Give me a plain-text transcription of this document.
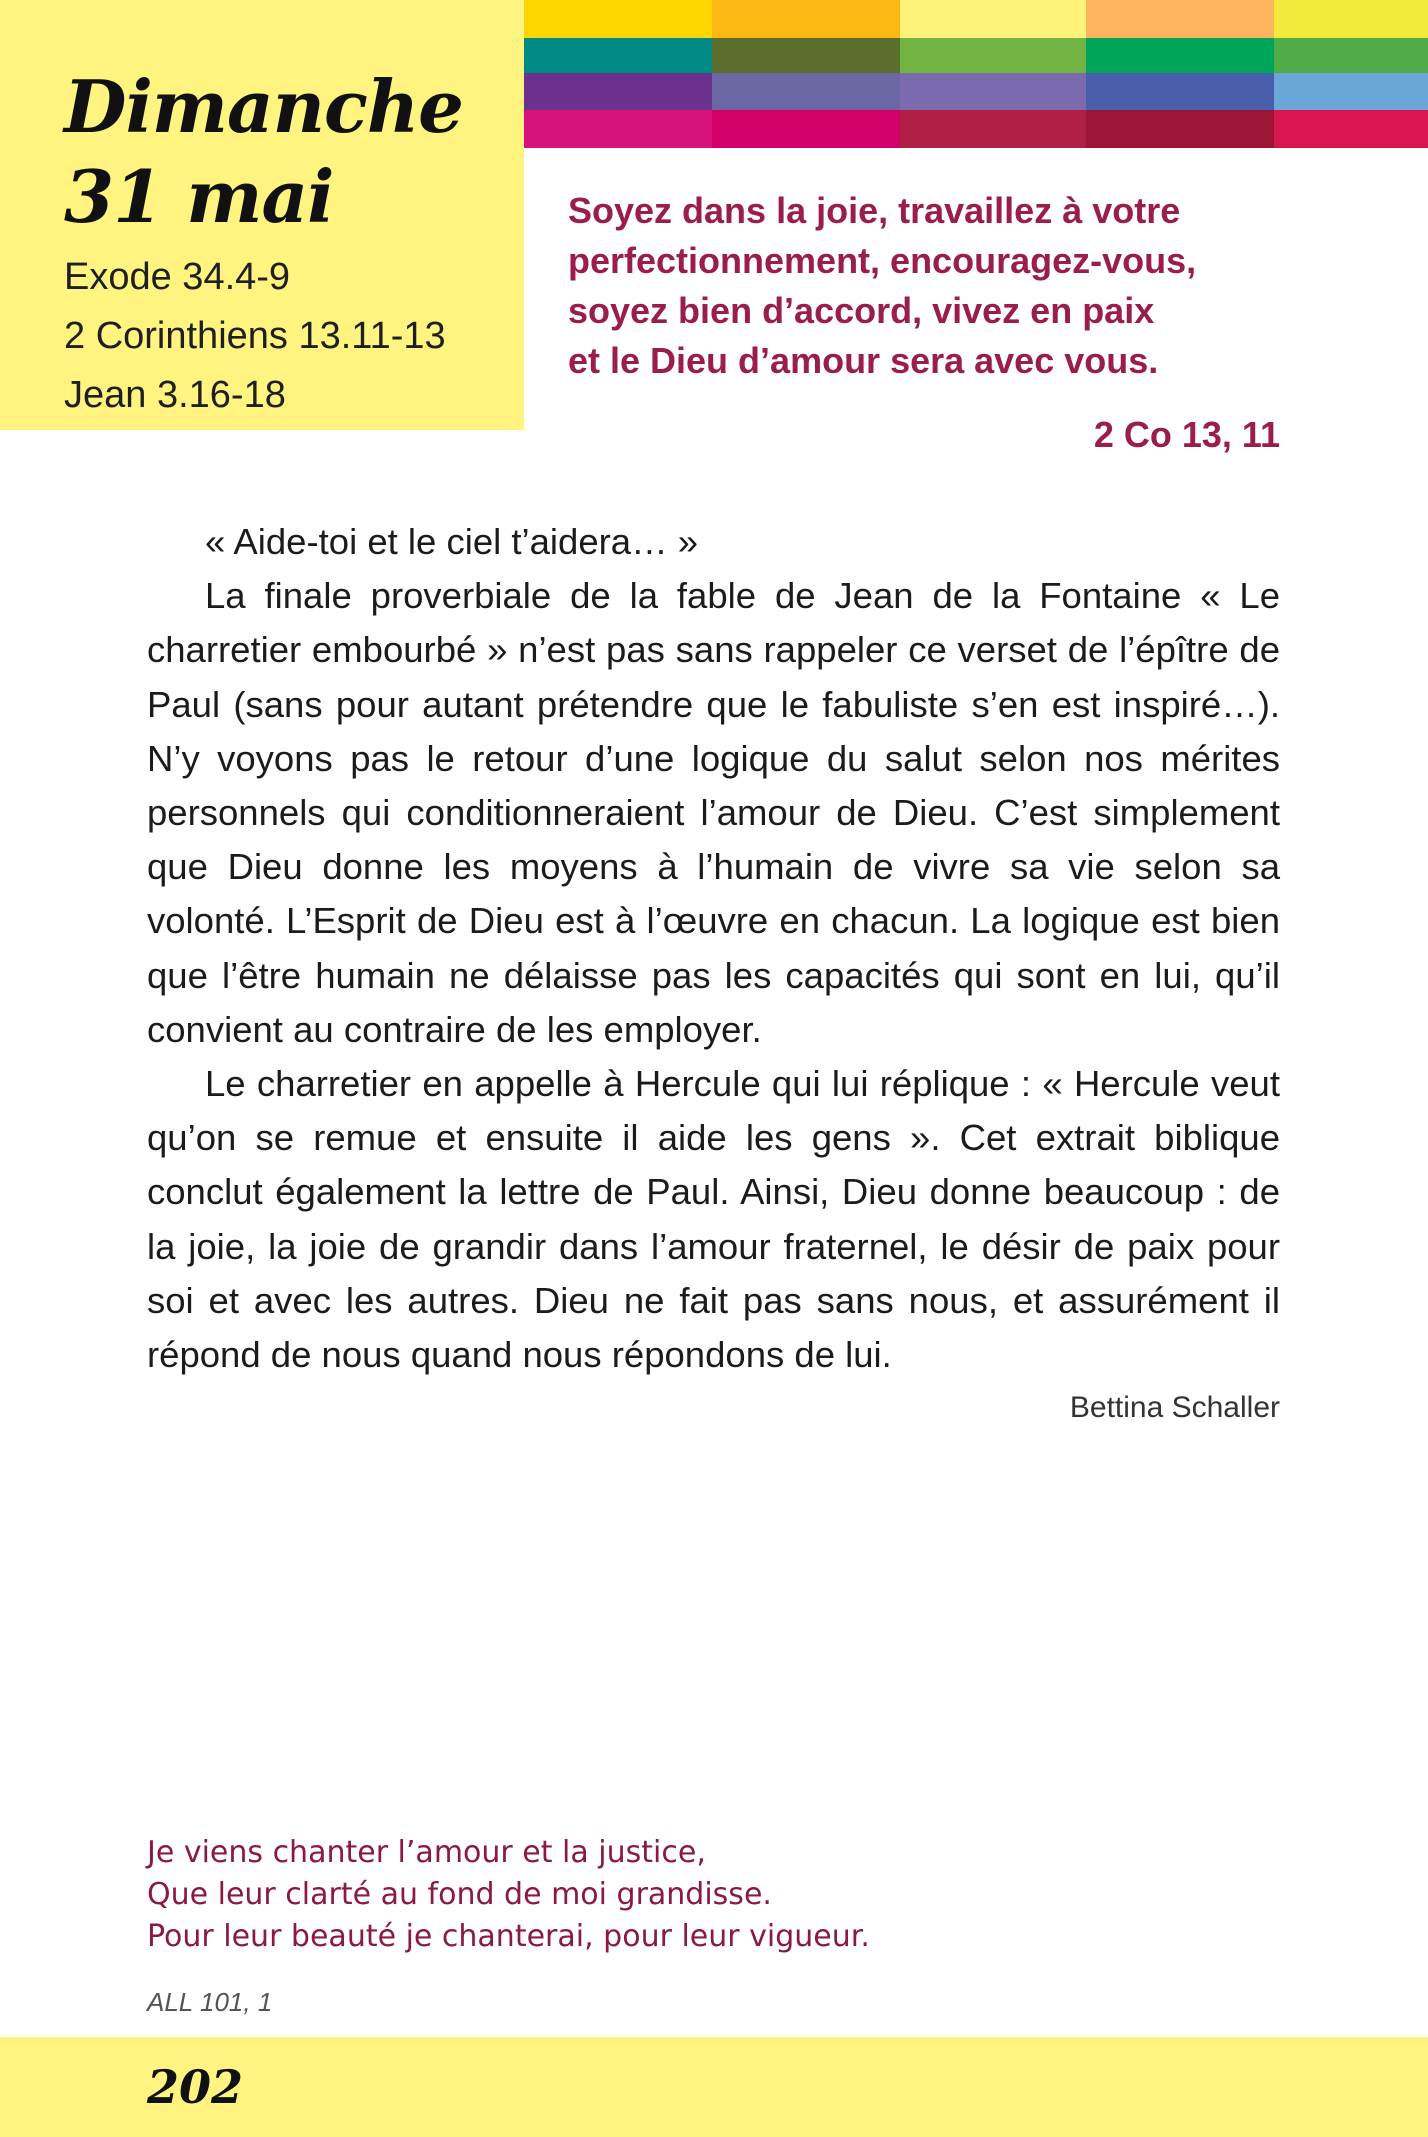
Dimanche
31 mai
Exode 34.4-9
2 Corinthiens 13.11-13
Jean 3.16-18

Soyez dans la joie, travaillez à votre
perfectionnement, encouragez-vous,
soyez bien d’accord, vivez en paix
et le Dieu d’amour sera avec vous.

2 Co 13, 11

« Aide-toi et le ciel t’aidera… »

La finale proverbiale de la fable de Jean de la Fontaine « Le charretier embourbé » n’est pas sans rappeler ce verset de l’épître de Paul (sans pour autant prétendre que le fabuliste s’en est inspiré…). N’y voyons pas le retour d’une logique du salut selon nos mérites personnels qui conditionneraient l’amour de Dieu. C’est simplement que Dieu donne les moyens à l’humain de vivre sa vie selon sa volonté. L’Esprit de Dieu est à l’œuvre en chacun. La logique est bien que l’être humain ne délaisse pas les capacités qui sont en lui, qu’il convient au contraire de les employer.

Le charretier en appelle à Hercule qui lui réplique : « Hercule veut qu’on se remue et ensuite il aide les gens ». Cet extrait biblique conclut également la lettre de Paul. Ainsi, Dieu donne beaucoup : de la joie, la joie de grandir dans l’amour fraternel, le désir de paix pour soi et avec les autres. Dieu ne fait pas sans nous, et assurément il répond de nous quand nous répondons de lui.

Bettina Schaller

Je viens chanter l’amour et la justice,
Que leur clarté au fond de moi grandisse.
Pour leur beauté je chanterai, pour leur vigueur.

ALL 101, 1

202
